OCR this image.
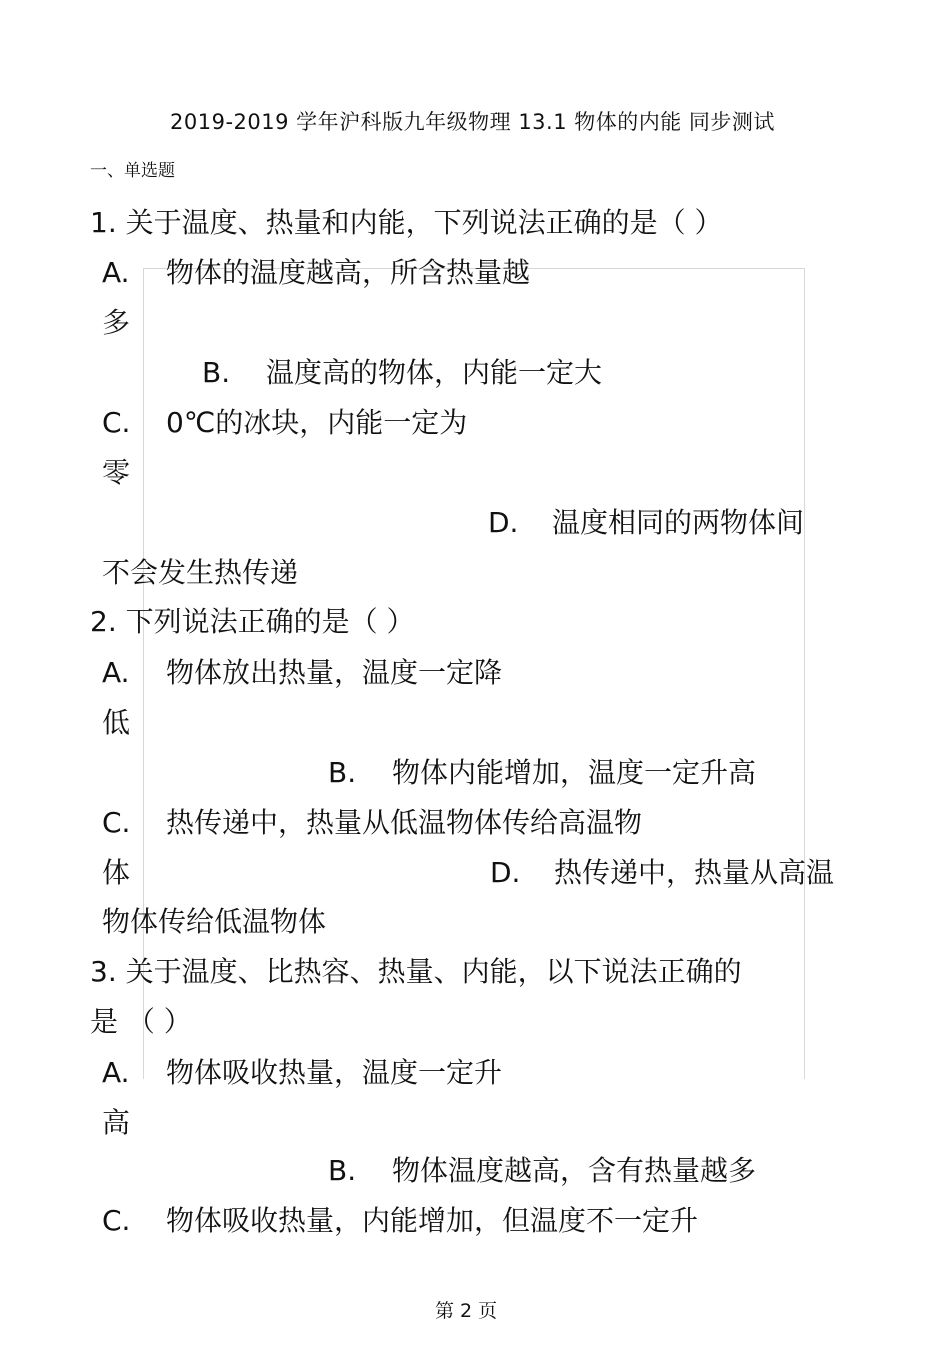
2019-2019 学年沪科版九年级物理 13.1 物体的内能 同步测试
一、单选题
1. 关于温度、热量和内能，下列说法正确的是（ ）
A. 物体的温度越高，所含热量越
多
B. 温度高的物体，内能一定大
C. 0℃的冰块，内能一定为
零
D. 温度相同的两物体间
不会发生热传递
2. 下列说法正确的是（ ）
A. 物体放出热量，温度一定降
低
B. 物体内能增加，温度一定升高
C. 热传递中，热量从低温物体传给高温物
体	D. 热传递中，热量从高温
物体传给低温物体
3. 关于温度、比热容、热量、内能，以下说法正确的
是 （ ）
A. 物体吸收热量，温度一定升
高
B. 物体温度越高，含有热量越多
C. 物体吸收热量，内能增加，但温度不一定升
第 2 页
